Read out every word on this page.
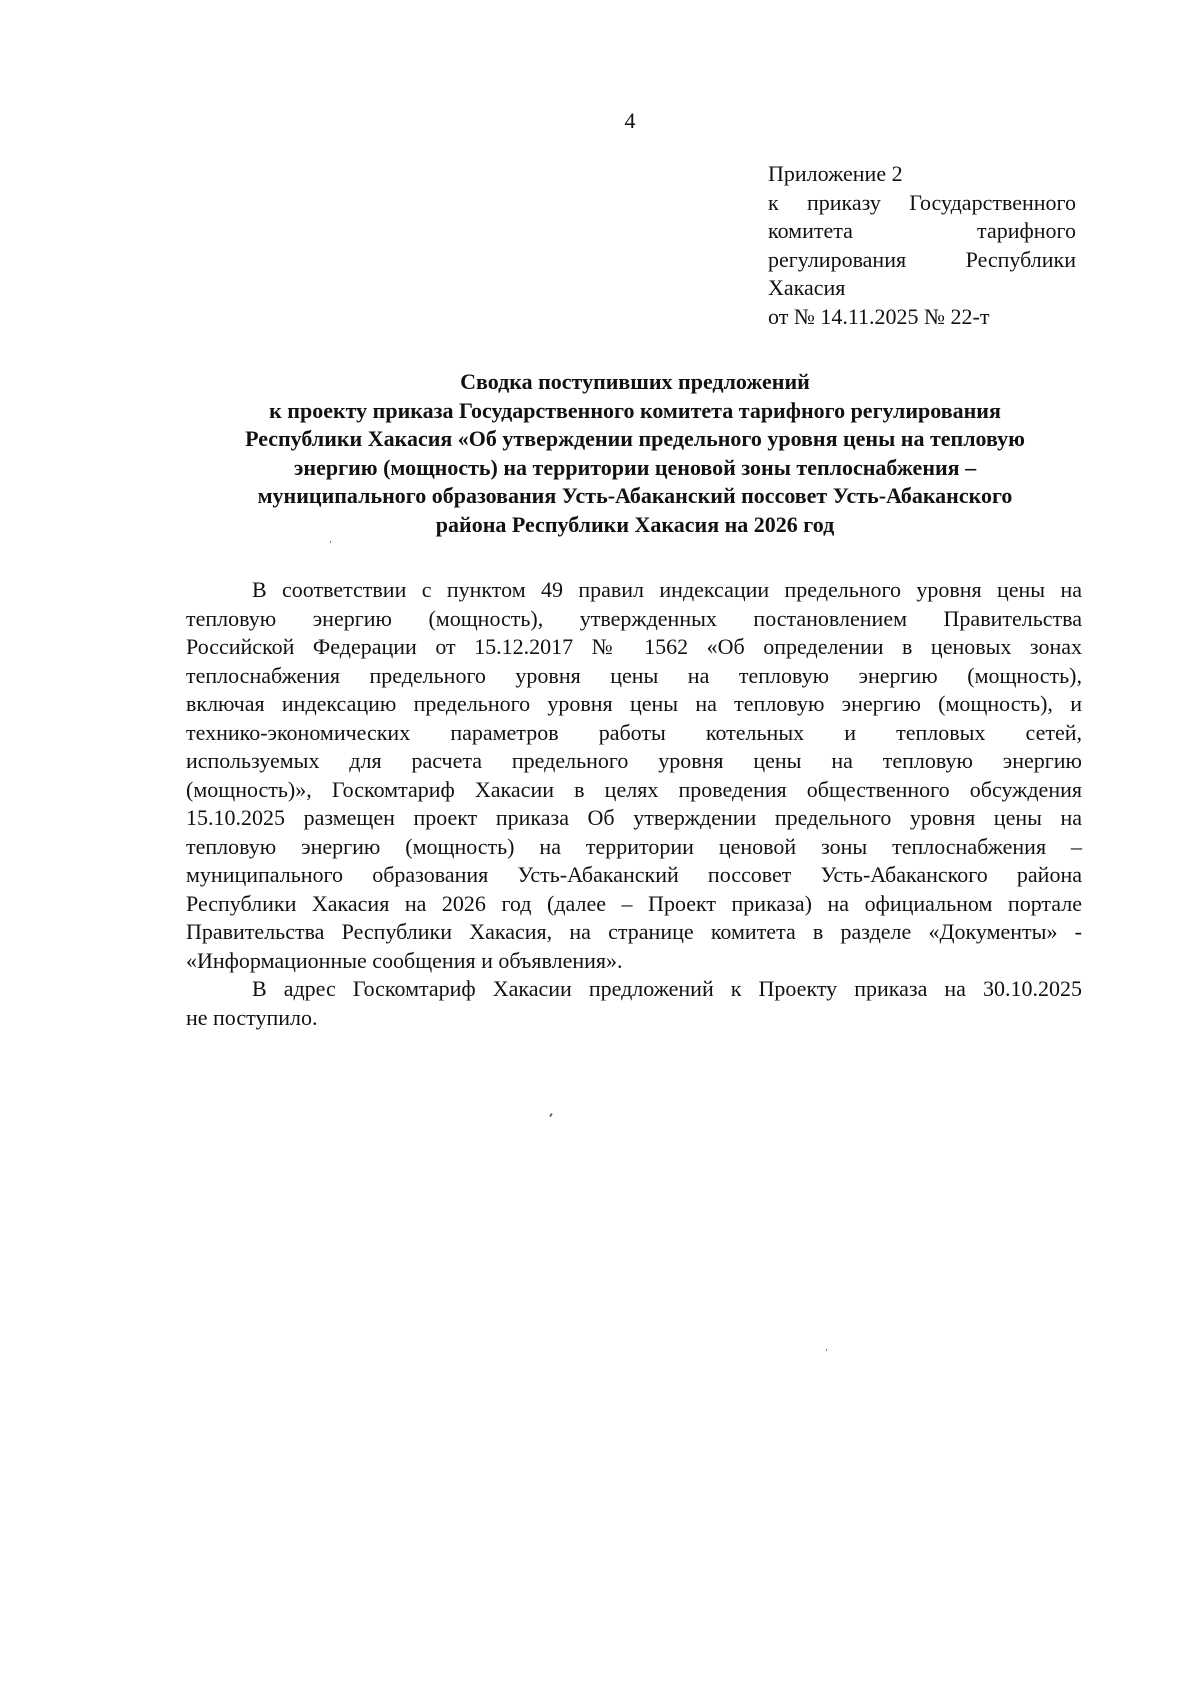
4
Приложение 2
к приказу Государственного
комитета тарифного
регулирования Республики
Хакасия
от № 14.11.2025 № 22-т
Сводка поступивших предложений
к проекту приказа Государственного комитета тарифного регулирования
Республики Хакасия «Об утверждении предельного уровня цены на тепловую
энергию (мощность) на территории ценовой зоны теплоснабжения –
муниципального образования Усть-Абаканский поссовет Усть-Абаканского
района Республики Хакасия на 2026 год
В соответствии с пунктом 49 правил индексации предельного уровня цены на
тепловую энергию (мощность), утвержденных постановлением Правительства
Российской Федерации от 15.12.2017 № 1562 «Об определении в ценовых зонах
теплоснабжения предельного уровня цены на тепловую энергию (мощность),
включая индексацию предельного уровня цены на тепловую энергию (мощность), и
технико-экономических параметров работы котельных и тепловых сетей,
используемых для расчета предельного уровня цены на тепловую энергию
(мощность)», Госкомтариф Хакасии в целях проведения общественного обсуждения
15.10.2025 размещен проект приказа Об утверждении предельного уровня цены на
тепловую энергию (мощность) на территории ценовой зоны теплоснабжения –
муниципального образования Усть-Абаканский поссовет Усть-Абаканского района
Республики Хакасия на 2026 год (далее – Проект приказа) на официальном портале
Правительства Республики Хакасия, на странице комитета в разделе «Документы» -
«Информационные сообщения и объявления».
В адрес Госкомтариф Хакасии предложений к Проекту приказа на 30.10.2025
не поступило.
